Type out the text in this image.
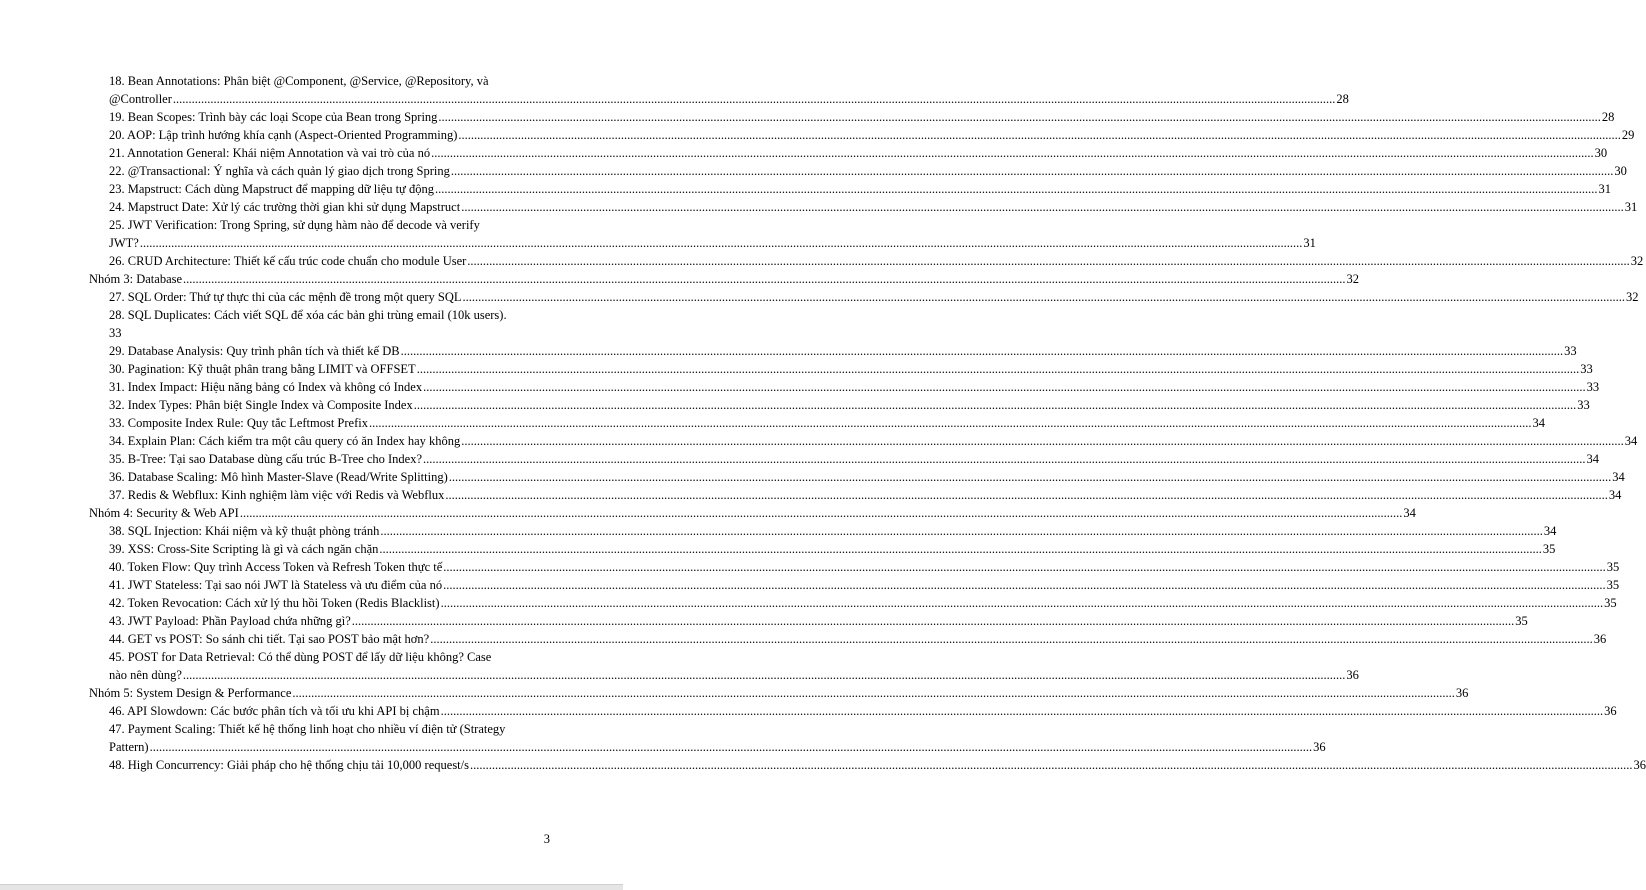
18. Bean Annotations: Phân biệt @Component, @Service, @Repository, và
@Controller .....	28
19. Bean Scopes: Trình bày các loại Scope của Bean trong Spring .....	28
20. AOP: Lập trình hướng khía cạnh (Aspect-Oriented Programming) .....	29
21. Annotation General: Khái niệm Annotation và vai trò của nó .....	30
22. @Transactional: Ý nghĩa và cách quản lý giao dịch trong Spring .....	30
23. Mapstruct: Cách dùng Mapstruct để mapping dữ liệu tự động .....	31
24. Mapstruct Date: Xử lý các trường thời gian khi sử dụng Mapstruct .....	31
25. JWT Verification: Trong Spring, sử dụng hàm nào để decode và verify
JWT? .....	31
26. CRUD Architecture: Thiết kế cấu trúc code chuẩn cho module User .....	32
Nhóm 3: Database .....	32
27. SQL Order: Thứ tự thực thi của các mệnh đề trong một query SQL .....	32
28. SQL Duplicates: Cách viết SQL để xóa các bản ghi trùng email (10k users).
33
29. Database Analysis: Quy trình phân tích và thiết kế DB .....	33
30. Pagination: Kỹ thuật phân trang bằng LIMIT và OFFSET .....	33
31. Index Impact: Hiệu năng bảng có Index và không có Index .....	33
32. Index Types: Phân biệt Single Index và Composite Index .....	33
33. Composite Index Rule: Quy tắc Leftmost Prefix .....	34
34. Explain Plan: Cách kiểm tra một câu query có ăn Index hay không .....	34
35. B-Tree: Tại sao Database dùng cấu trúc B-Tree cho Index? .....	34
36. Database Scaling: Mô hình Master-Slave (Read/Write Splitting) .....	34
37. Redis & Webflux: Kinh nghiệm làm việc với Redis và Webflux .....	34
Nhóm 4: Security & Web API .....	34
38. SQL Injection: Khái niệm và kỹ thuật phòng tránh .....	34
39. XSS: Cross-Site Scripting là gì và cách ngăn chặn .....	35
40. Token Flow: Quy trình Access Token và Refresh Token thực tế .....	35
41. JWT Stateless: Tại sao nói JWT là Stateless và ưu điểm của nó .....	35
42. Token Revocation: Cách xử lý thu hồi Token (Redis Blacklist) .....	35
43. JWT Payload: Phần Payload chứa những gì? .....	35
44. GET vs POST: So sánh chi tiết. Tại sao POST bảo mật hơn? .....	36
45. POST for Data Retrieval: Có thể dùng POST để lấy dữ liệu không? Case
nào nên dùng? .....	36
Nhóm 5: System Design & Performance .....	36
46. API Slowdown: Các bước phân tích và tối ưu khi API bị chậm .....	36
47. Payment Scaling: Thiết kế hệ thống linh hoạt cho nhiều ví điện tử (Strategy
Pattern) .....	36
48. High Concurrency: Giải pháp cho hệ thống chịu tải 10,000 request/s .....	36
3
